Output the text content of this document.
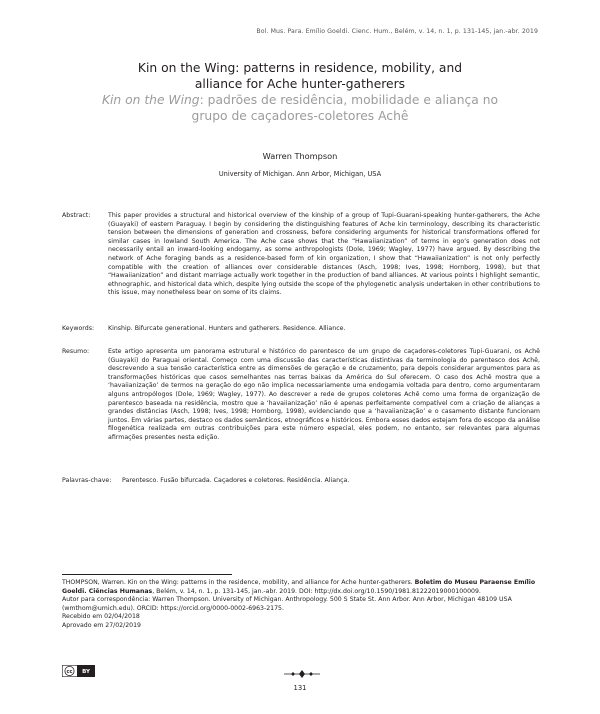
Bol. Mus. Para. Emílio Goeldi. Cienc. Hum., Belém, v. 14, n. 1, p. 131-145, jan.-abr. 2019
Kin on the Wing: patterns in residence, mobility, and
alliance for Ache hunter-gatherers
Kin on the Wing: padrões de residência, mobilidade e aliança no
grupo de caçadores-coletores Achê
Warren Thompson
University of Michigan. Ann Arbor, Michigan, USA
Abstract:	This paper provides a structural and historical overview of the kinship of a group of Tupi-Guarani-speaking hunter-gatherers, the Ache (Guayaki) of eastern Paraguay. I begin by considering the distinguishing features of Ache kin terminology, describing its characteristic tension between the dimensions of generation and crossness, before considering arguments for historical transformations offered for similar cases in lowland South America. The Ache case shows that the “Hawaiianization” of terms in ego’s generation does not necessarily entail an inward-looking endogamy, as some anthropologists (Dole, 1969; Wagley, 1977) have argued. By describing the network of Ache foraging bands as a residence-based form of kin organization, I show that “Hawaiianization” is not only perfectly compatible with the creation of alliances over considerable distances (Asch, 1998; Ives, 1998; Hornborg, 1998), but that “Hawaiianization” and distant marriage actually work together in the production of band alliances. At various points I highlight semantic, ethnographic, and historical data which, despite lying outside the scope of the phylogenetic analysis undertaken in other contributions to this issue, may nonetheless bear on some of its claims.
Keywords:	Kinship. Bifurcate generational. Hunters and gatherers. Residence. Alliance.
Resumo:	Este artigo apresenta um panorama estrutural e histórico do parentesco de um grupo de caçadores-coletores Tupi-Guarani, os Achê (Guayaki) do Paraguai oriental. Começo com uma discussão das características distintivas da terminologia do parentesco dos Achê, descrevendo a sua tensão característica entre as dimensões de geração e de cruzamento, para depois considerar argumentos para as transformações históricas que casos semelhantes nas terras baixas da América do Sul oferecem. O caso dos Achê mostra que a ‘havaiianização’ de termos na geração do ego não implica necessariamente uma endogamia voltada para dentro, como argumentaram alguns antropólogos (Dole, 1969; Wagley, 1977). Ao descrever a rede de grupos coletores Achê como uma forma de organização de parentesco baseada na residência, mostro que a ‘havaiianização’ não é apenas perfeitamente compatível com a criação de alianças a grandes distâncias (Asch, 1998; Ives, 1998; Hornborg, 1998), evidenciando que a ‘havaiianização’ e o casamento distante funcionam juntos. Em várias partes, destaco os dados semânticos, etnográficos e históricos. Embora esses dados estejam fora do escopo da análise filogenética realizada em outras contribuições para este número especial, eles podem, no entanto, ser relevantes para algumas afirmações presentes nesta edição.
Palavras-chave:	Parentesco. Fusão bifurcada. Caçadores e coletores. Residência. Aliança.

THOMPSON, Warren. Kin on the Wing: patterns in the residence, mobility, and alliance for Ache hunter-gatherers. Boletim do Museu Paraense Emílio Goeldi. Ciências Humanas, Belém, v. 14, n. 1, p. 131-145, jan.-abr. 2019. DOI: http://dx.doi.org/10.1590/1981.81222019000100009.

Autor para correspondência: Warren Thompson. University of Michigan. Anthropology. 500 S State St. Ann Arbor. Ann Arbor, Michigan 48109 USA (wmthom@umich.edu). ORCID: https://orcid.org/0000-0002-6963-2175.

Recebido em 02/04/2018

Aprovado em 27/02/2019

cc BY
131
